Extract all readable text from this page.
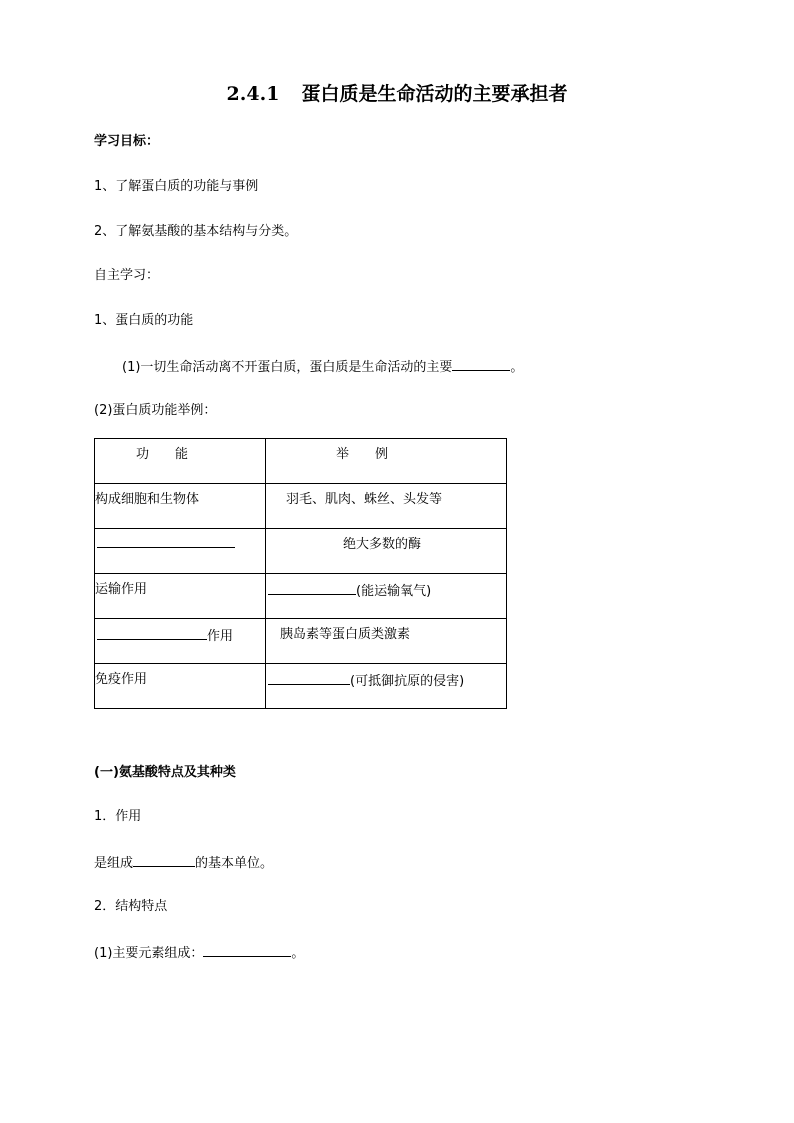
2.4.1 蛋白质是生命活动的主要承担者
学习目标：
1、了解蛋白质的功能与事例
2、了解氨基酸的基本结构与分类。
自主学习：
1、蛋白质的功能
(1)一切生命活动离不开蛋白质，蛋白质是生命活动的主要	。
(2)蛋白质功能举例：
功　　能	举　　例

构成细胞和生物体	羽毛、肌肉、蛛丝、头发等

	绝大多数的酶

运输作用	(能运输氧气)

作用	胰岛素等蛋白质类激素

免疫作用	(可抵御抗原的侵害)
(一)氨基酸特点及其种类
1．作用
是组成	的基本单位。
2．结构特点
(1)主要元素组成：	。
